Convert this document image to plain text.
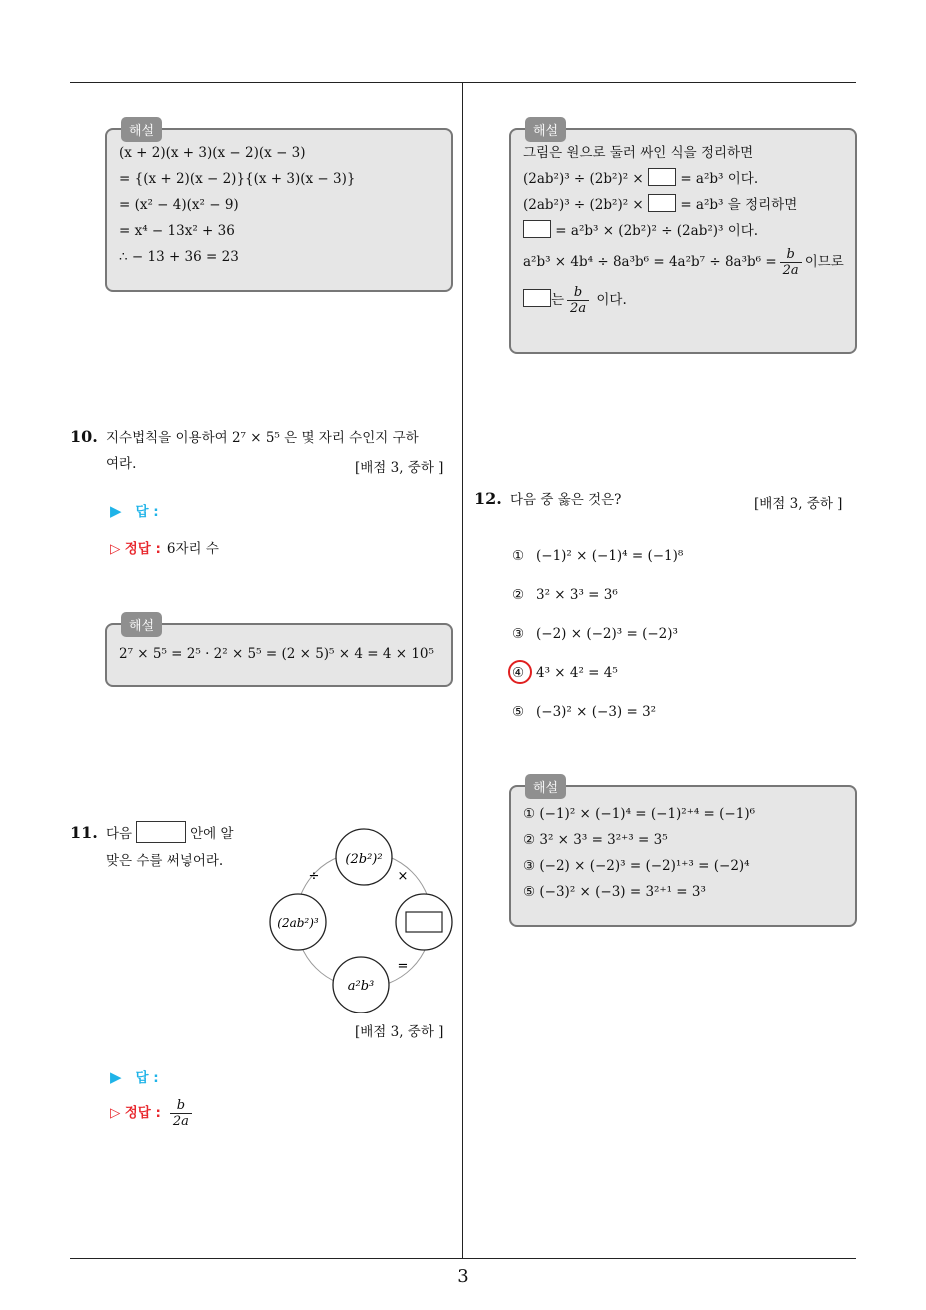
해설
(x + 2)(x + 3)(x − 2)(x − 3)
= {(x + 2)(x − 2)}{(x + 3)(x − 3)}
= (x² − 4)(x² − 9)
= x⁴ − 13x² + 36
∴ − 13 + 36 = 23
10. 지수법칙을 이용하여 2⁷ × 5⁵ 은 몇 자리 수인지 구하
여라.	[배점 3, 중하 ]
▶ 답 :
▷ 정답 : 6자리 수
해설
2⁷ × 5⁵ = 2⁵ · 2² × 5⁵ = (2 × 5)⁵ × 4 = 4 × 10⁵
11. 다음	안에 알
맞은 수를 써넣어라.	(2b²)²
(2ab²)³
a²b³
÷	×
=
[배점 3, 중하 ]
▶ 답 :
▷ 정답 : $\frac{b}{2a}$
해설
그림은 원으로 둘러 싸인 식을 정리하면
(2ab²)³ ÷ (2b²)² ×	= a²b³ 이다.
(2ab²)³ ÷ (2b²)² ×	= a²b³ 을 정리하면
= a²b³ × (2b²)² ÷ (2ab²)³ 이다.
$a^2b^3 \times 4b^4 \div 8a^3b^6 = 4a^2b^7 \div 8a^3b^6 = \frac{b}{2a}$ 이므로
는 $\frac{b}{2a}$ 이다.
12. 다음 중 옳은 것은?	[배점 3, 중하 ]
① (−1)² × (−1)⁴ = (−1)⁸
② 3² × 3³ = 3⁶
③ (−2) × (−2)³ = (−2)³
④ 4³ × 4² = 4⁵
⑤ (−3)² × (−3) = 3²
해설
① (−1)² × (−1)⁴ = (−1)²⁺⁴ = (−1)⁶
② 3² × 3³ = 3²⁺³ = 3⁵
③ (−2) × (−2)³ = (−2)¹⁺³ = (−2)⁴
⑤ (−3)² × (−3) = 3²⁺¹ = 3³
3
